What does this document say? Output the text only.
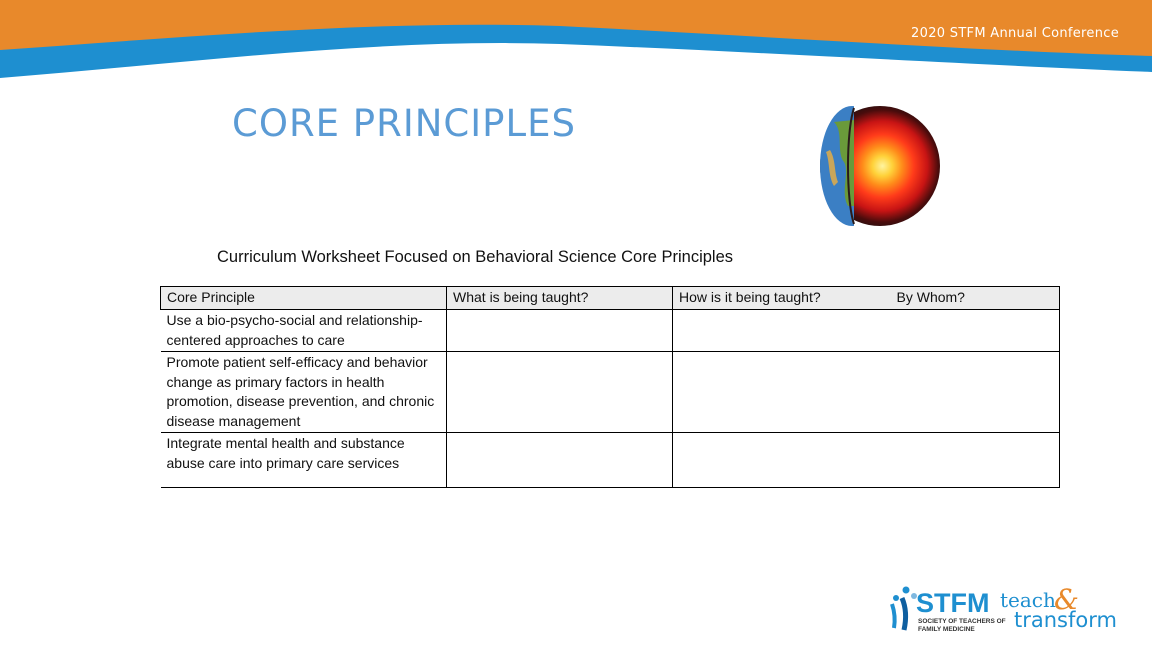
2020 STFM Annual Conference
CORE PRINCIPLES
Curriculum Worksheet Focused on Behavioral Science Core Principles
Core Principle	What is being taught?	How is it being taught?	By Whom?
Use a bio-psycho-social and relationship-centered approaches to care			
Promote patient self-efficacy and behavior change as primary factors in health promotion, disease prevention, and chronic disease management			
Integrate mental health and substance abuse care into primary care services			
STFM
SOCIETY OF TEACHERS OF
FAMILY MEDICINE
teach
&
transform
